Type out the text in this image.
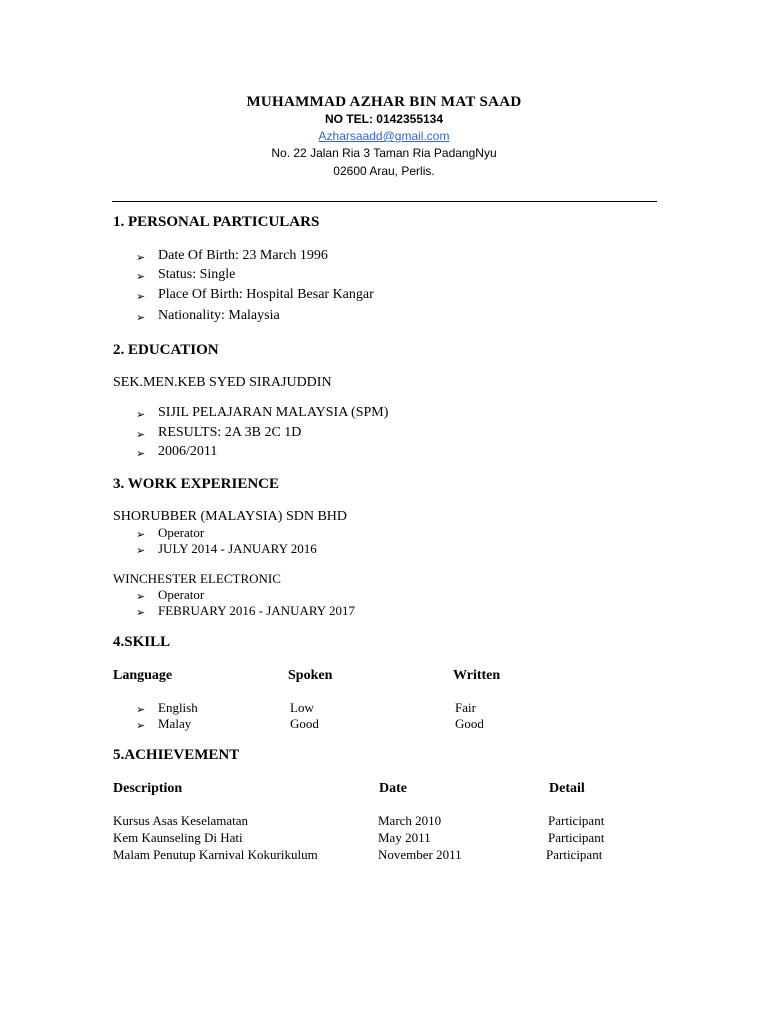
MUHAMMAD AZHAR BIN MAT SAAD
NO TEL: 0142355134
Azharsaadd@gmail.com
No. 22 Jalan Ria 3 Taman Ria PadangNyu
02600 Arau, Perlis.
1. PERSONAL PARTICULARS
➢ Date Of Birth: 23 March 1996
➢ Status: Single
➢ Place Of Birth: Hospital Besar Kangar
➢ Nationality: Malaysia
2. EDUCATION
SEK.MEN.KEB SYED SIRAJUDDIN
➢ SIJIL PELAJARAN MALAYSIA (SPM)
➢ RESULTS: 2A 3B 2C 1D
➢ 2006/2011
3. WORK EXPERIENCE
SHORUBBER (MALAYSIA) SDN BHD
➢ Operator
➢ JULY 2014 - JANUARY 2016
WINCHESTER ELECTRONIC
➢ Operator
➢ FEBRUARY 2016 - JANUARY 2017
4.SKILL
Language	Spoken	Written
➢ English	Low	Fair
➢ Malay	Good	Good
5.ACHIEVEMENT
Description	Date	Detail
Kursus Asas Keselamatan	March 2010	Participant
Kem Kaunseling Di Hati	May 2011	Participant
Malam Penutup Karnival Kokurikulum	November 2011	Participant
